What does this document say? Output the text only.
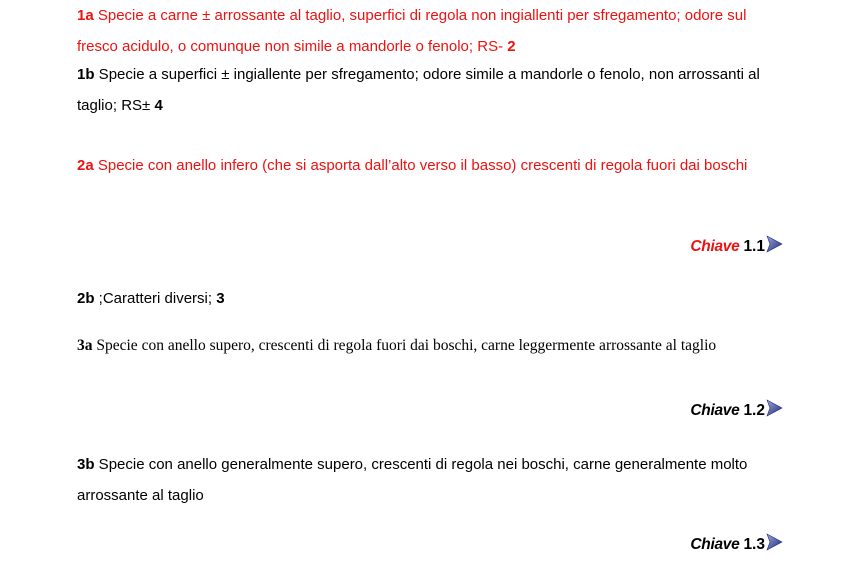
1a Specie a carne ± arrossante al taglio, superfici di regola non ingiallenti per sfregamento; odore sul fresco acidulo, o comunque non simile a mandorle o fenolo; RS- 2

1b Specie a superfici ± ingiallente per sfregamento; odore simile a mandorle o fenolo, non arrossanti al taglio; RS± 4

2a Specie con anello infero (che si asporta dall’alto verso il basso) crescenti di regola fuori dai boschi

Chiave 1.1

2b ;Caratteri diversi; 3

3a Specie con anello supero, crescenti di regola fuori dai boschi, carne leggermente arrossante al taglio

Chiave 1.2

3b Specie con anello generalmente supero, crescenti di regola nei boschi, carne generalmente molto arrossante al taglio

Chiave 1.3
